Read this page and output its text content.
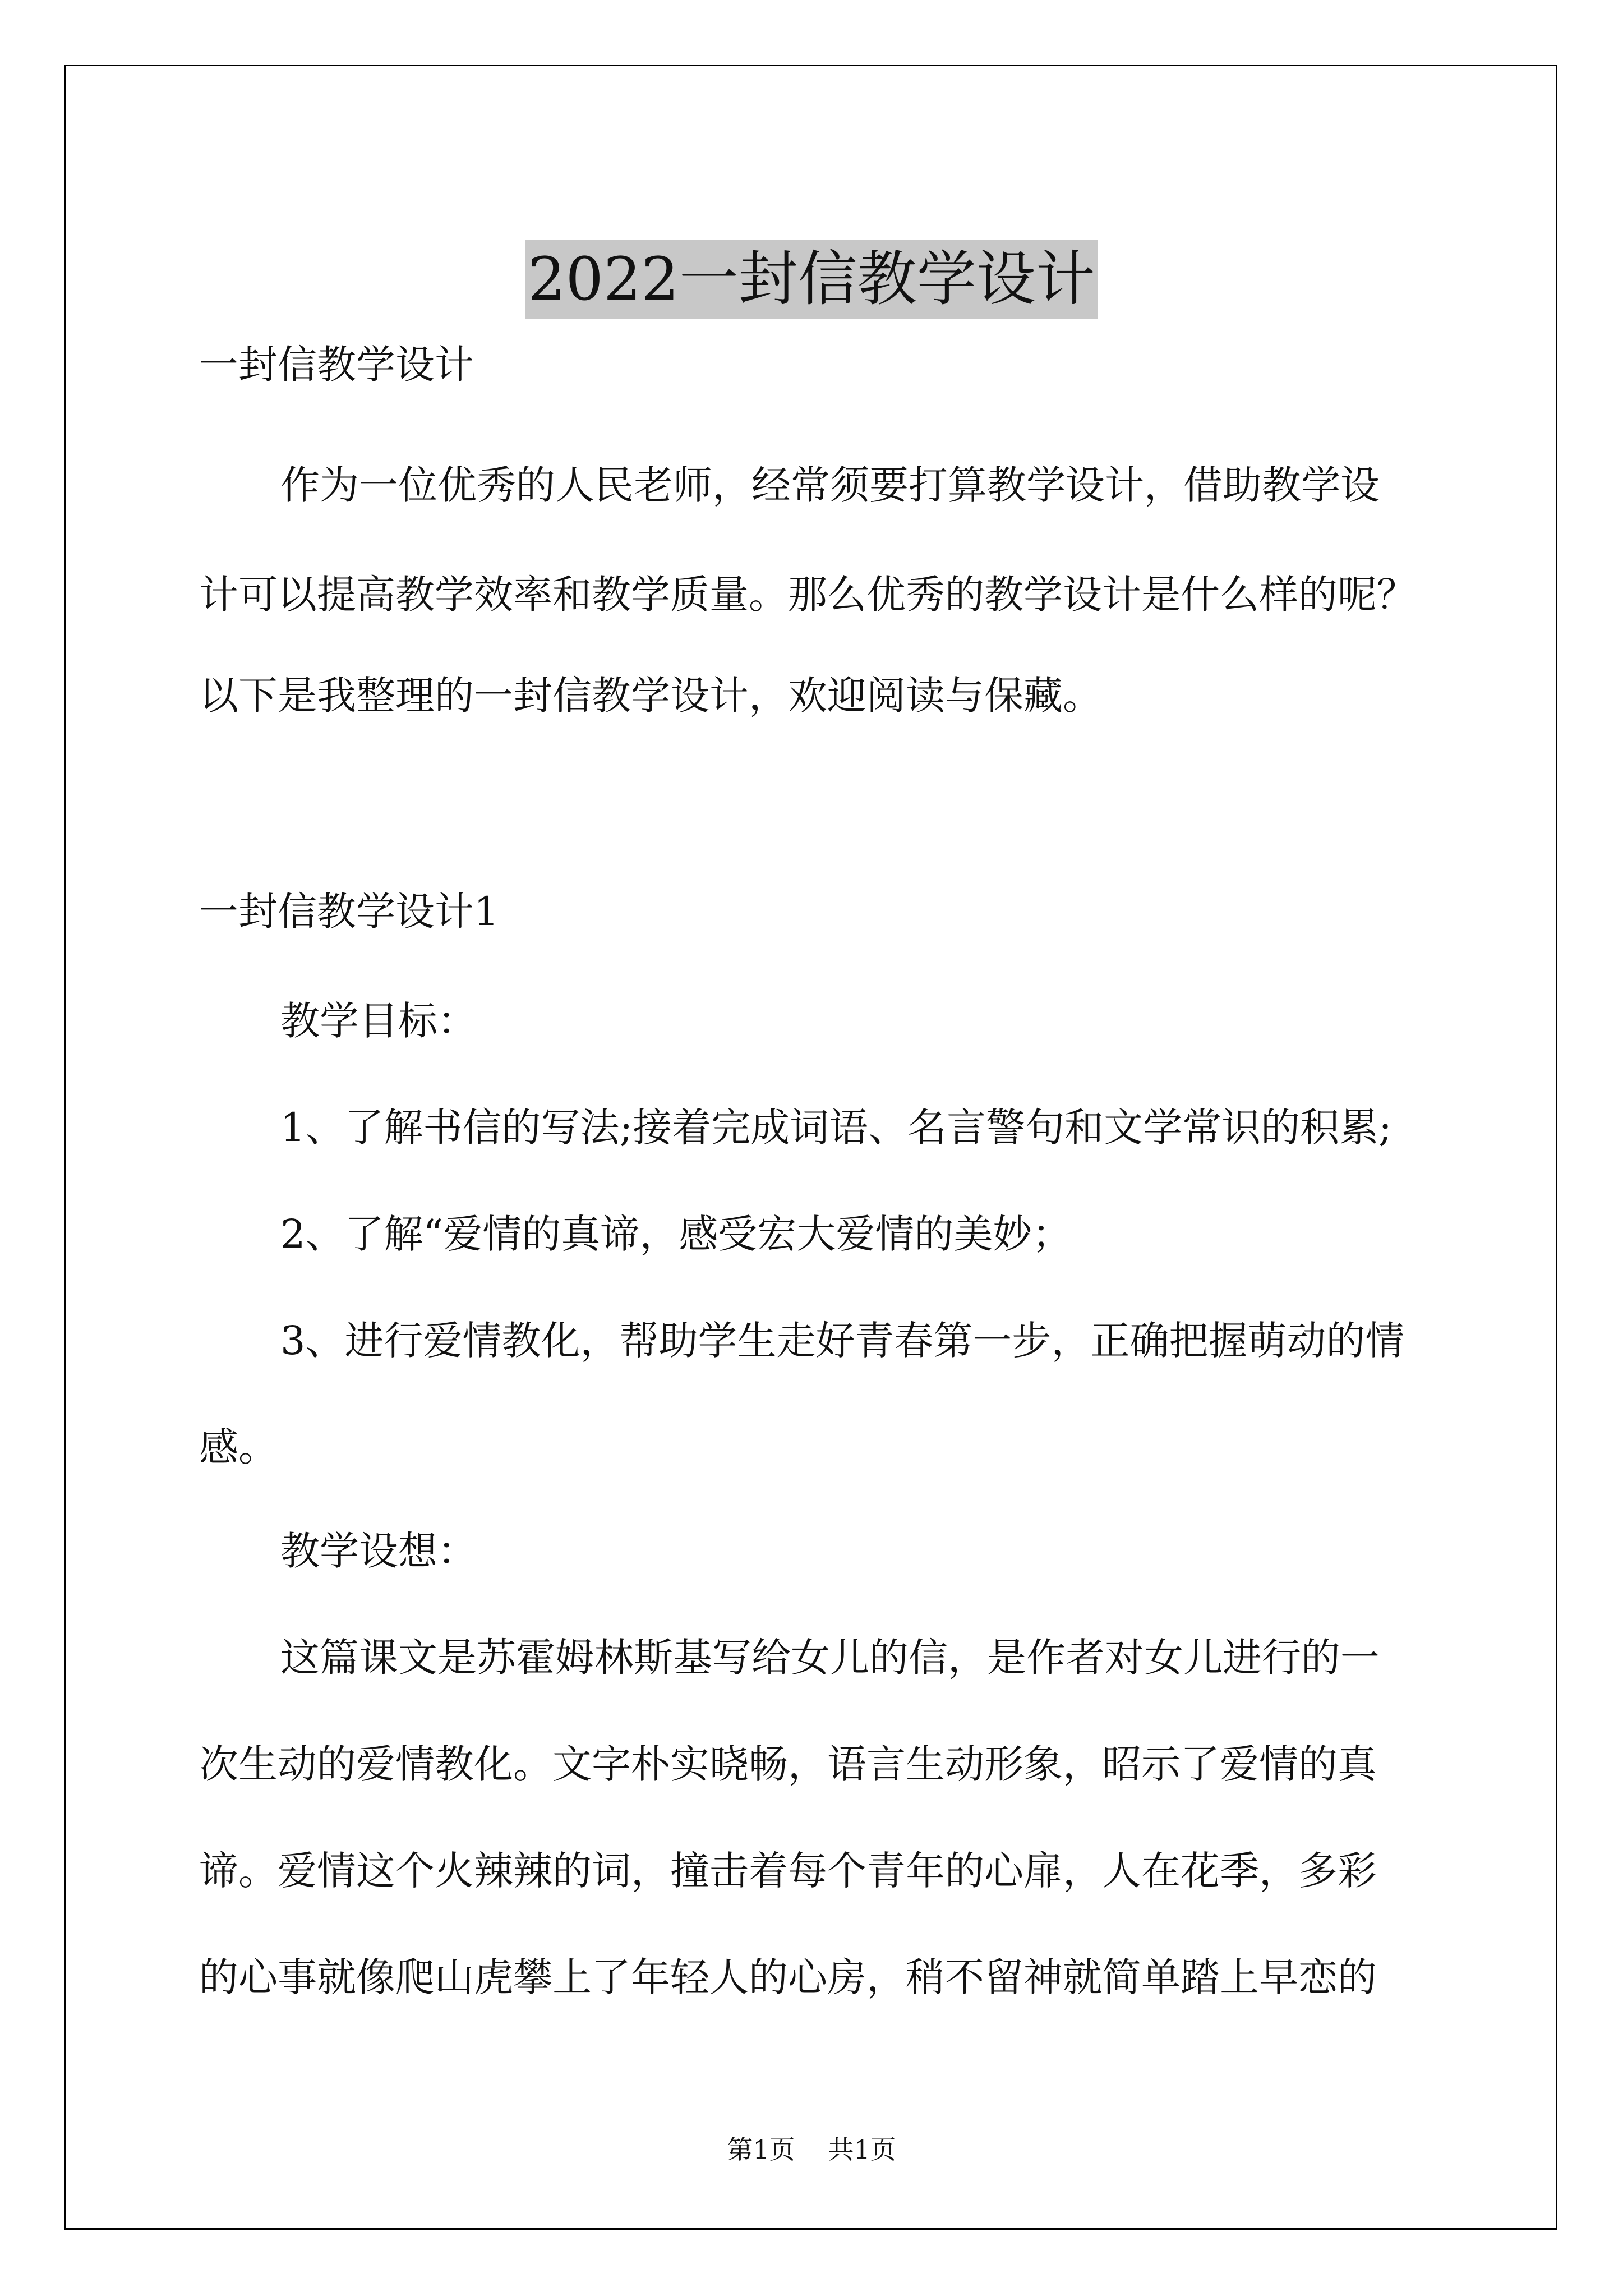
2022一封信教学设计

一封信教学设计

作为一位优秀的人民老师，经常须要打算教学设计，借助教学设

计可以提高教学效率和教学质量。那么优秀的教学设计是什么样的呢？

以下是我整理的一封信教学设计，欢迎阅读与保藏。

一封信教学设计1

教学目标：

1、了解书信的写法;接着完成词语、名言警句和文学常识的积累;

2、了解“爱情的真谛，感受宏大爱情的美妙；

3、进行爱情教化，帮助学生走好青春第一步，正确把握萌动的情

感。

教学设想：

这篇课文是苏霍姆林斯基写给女儿的信，是作者对女儿进行的一

次生动的爱情教化。文字朴实晓畅，语言生动形象，昭示了爱情的真

谛。爱情这个火辣辣的词，撞击着每个青年的心扉，人在花季，多彩

的心事就像爬山虎攀上了年轻人的心房，稍不留神就简单踏上早恋的

第1页 共1页
